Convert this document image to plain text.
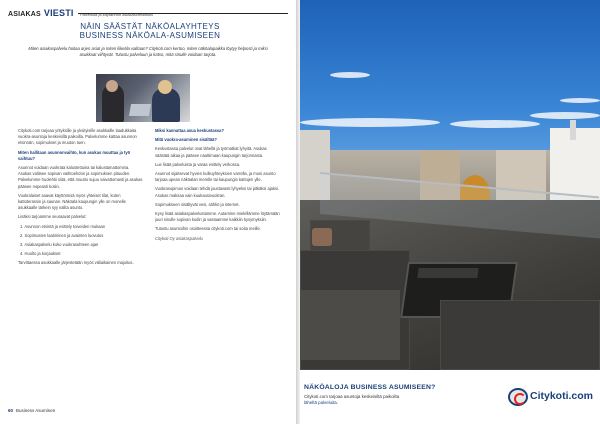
ASIAKAS VIESTI Palveluita ja käytännön asiakasviestintää
NÄIN SÄÄSTÄT NÄKÖALAYHTEYS
BUSINESS NÄKÖALA-ASUMISEEN
Miten asiakaspalvelu hoitaa arjen asiat ja miten liiketila valitaan? Citykoti.com kertoo, miten näköalapaikka löytyy helposti ja miksi asukkaat viihtyvät. Tutustu palveluun ja katso, mitä sinulle voidaan tarjota.

Citykoti.com tarjoaa yrityksille ja yksityisille asukkaille laadukkaita vuokra-asuntoja keskeisillä paikoilla. Palvelumme kattaa asunnon etsinnän, sopimukset ja muuton tuen.

Miten hallitaan asunnonvaihto, kun asukas muuttaa ja työ vaihtuu?

Asunnot voidaan vuokrata kalustettuina tai kalustamattomina. Asukas valitsee sopivan vaihtoehdon ja sopimuksen pituuden. Palvelumme huolehtii siitä, että muutto sujuu vaivattomasti ja asukas pääsee nopeasti kotiin.

Vuokralaiset saavat käyttöönsä myös yhteiset tilat, kuten kattoterassin ja saunan. Näköala kaupungin ylle on monelle asukkaalle tärkein syy valita asunto.

Lisäksi tarjoamme seuraavat palvelut:

1. Asunnon etsintä ja esittely toiveiden mukaan
2. Sopimusten laatiminen ja avainten luovutus
3. Asiakaspalvelu koko vuokrasuhteen ajan
4. Huolto ja korjaukset

Tarvittaessa asukkaalle järjestetään myös väliaikainen majoitus.

Miksi kannattaa asua keskustassa?

Mitä vuokra-asuminen sisältää?

Keskustassa palvelut ovat lähellä ja työmatkat lyhyitä. Asukas säästää aikaa ja pääsee nauttimaan kaupungin tarjonnasta.

Lue lisää palveluista ja varaa esittely verkossa.

Asunnot sijaitsevat hyvien kulkuyhteyksien varrella, ja moni asunto tarjoaa upean näköalan merelle tai kaupungin kattojen ylle.

Vuokrasopimus voidaan tehdä joustavasti lyhyeksi tai pitkäksi ajaksi. Asukas maksaa vain kuukausivuokran.

Sopimukseen sisältyvät vesi, sähkö ja internet.

Kysy lisää asiakaspalvelustamme. Autamme mielellämme löytämään juuri sinulle sopivan kodin ja vastaamme kaikkiin kysymyksiin.

Tutustu asuntoihin osoitteessa citykoti.com tai soita meille.

Citykoti Oy asiakaspalvelu

60 Business Asuminen
NÄKÖALOJA BUSINESS ASUMISEEN?
Citykoti.com tarjoaa asuntoja keskeisiltä paikoilta
läheltä palveluita.
Citykoti.com
